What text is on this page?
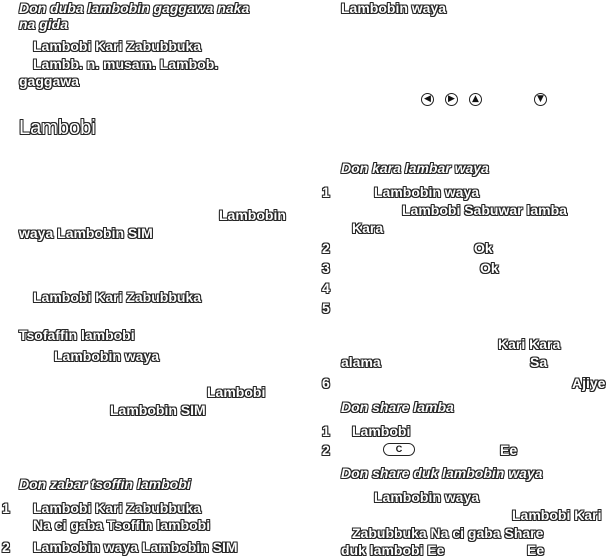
Don duba lambobin gaggawa naka
na gida
Lambobi Kari Zabubbuka
Lambb. n. musam. Lambob.
gaggawa
Lambobi
Lambobin
waya Lambobin SIM
Lambobi Kari Zabubbuka
Tsofaffin lambobi
Lambobin waya
Lambobi
Lambobin SIM
Don zabar tsoffin lambobi
1 Lambobi Kari Zabubbuka
Na ci gaba Tsoffin lambobi
2 Lambobin waya Lambobin SIM
Lambobin waya
◀
▶
▲
▼
Don kara lambar waya
1	Lambobin waya
Lambobi Sabuwar lamba
Kara
2	Ok
3	Ok
4
5
Kari Kara
alama	Sa
6	Ajiye
Don share lamba
1 Lambobi
2	C	Ee
Don share duk lambobin waya
Lambobin waya
Lambobi Kari
Zabubbuka Na ci gaba Share
duk lambobi Ee	Ee
